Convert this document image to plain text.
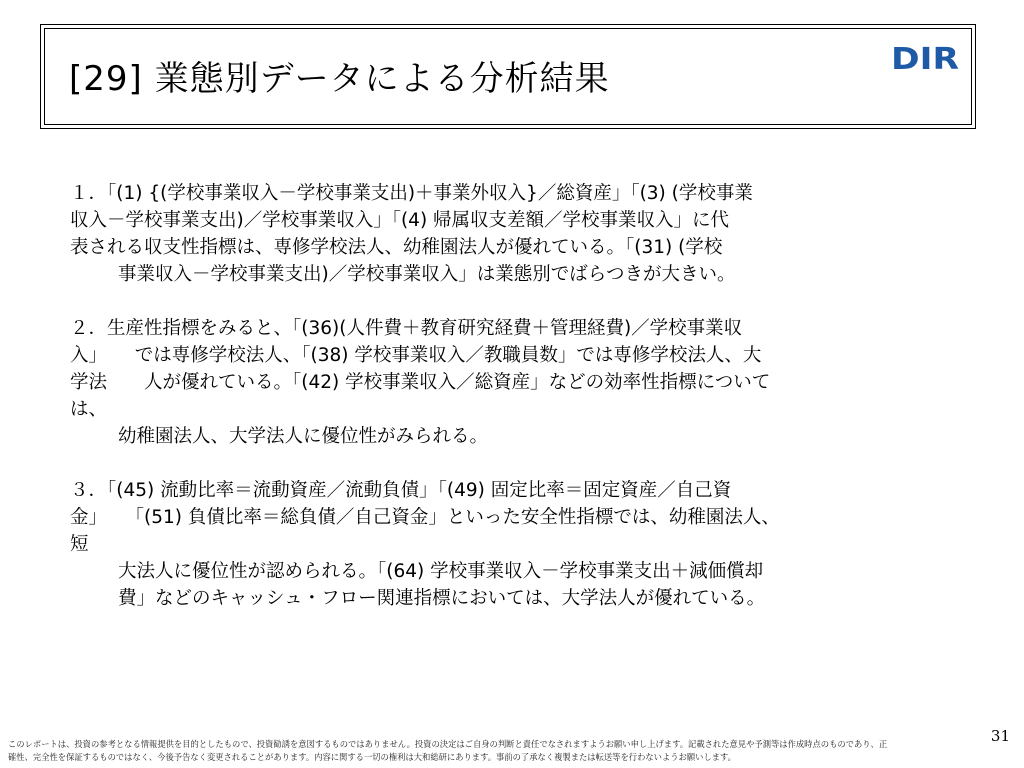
[29] 業態別データによる分析結果	DIR
１．「(1) {(学校事業収入－学校事業支出)＋事業外収入}／総資産」「(3) (学校事業
収入－学校事業支出)／学校事業収入」「(4) 帰属収支差額／学校事業収入」に代
表される収支性指標は、専修学校法人、幼稚園法人が優れている。「(31) (学校
事業収入－学校事業支出)／学校事業収入」は業態別でばらつきが大きい。
２．生産性指標をみると、「(36)(人件費＋教育研究経費＋管理経費)／学校事業収
入」　　では専修学校法人、「(38) 学校事業収入／教職員数」では専修学校法人、大
学法　　人が優れている。「(42) 学校事業収入／総資産」などの効率性指標について
は、
幼稚園法人、大学法人に優位性がみられる。
３．「(45) 流動比率＝流動資産／流動負債」「(49) 固定比率＝固定資産／自己資
金」　　「(51) 負債比率＝総負債／自己資金」といった安全性指標では、幼稚園法人、
短
大法人に優位性が認められる。「(64) 学校事業収入－学校事業支出＋減価償却
費」などのキャッシュ・フロー関連指標においては、大学法人が優れている。
このレポートは、投資の参考となる情報提供を目的としたもので、投資勧誘を意図するものではありません。投資の決定はご自身の判断と責任でなされますようお願い申し上げます。記載された意見や予測等は作成時点のものであり、正
確性、完全性を保証するものではなく、今後予告なく変更されることがあります。内容に関する一切の権利は大和総研にあります。事前の了承なく複製または転送等を行わないようお願いします。
31
